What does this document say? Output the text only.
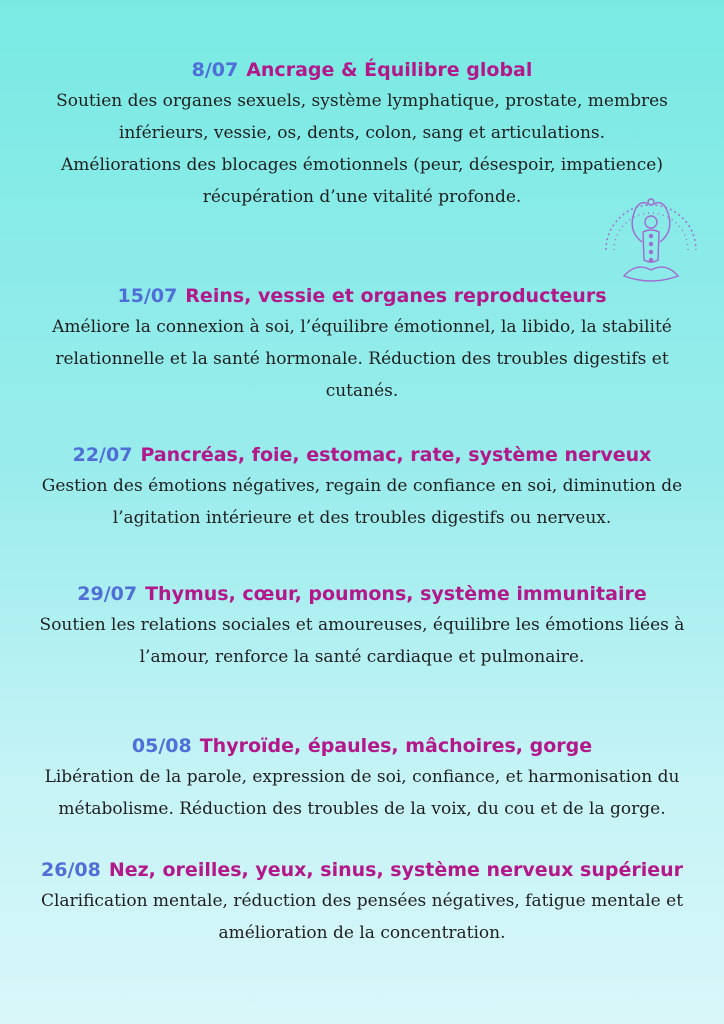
8/07 Ancrage & Équilibre global

Soutien des organes sexuels, système lymphatique, prostate, membres

inférieurs, vessie, os, dents, colon, sang et articulations.

Améliorations des blocages émotionnels (peur, désespoir, impatience)

récupération d’une vitalité profonde.

15/07 Reins, vessie et organes reproducteurs

Améliore la connexion à soi, l’équilibre émotionnel, la libido, la stabilité

relationnelle et la santé hormonale. Réduction des troubles digestifs et

cutanés.

22/07 Pancréas, foie, estomac, rate, système nerveux

Gestion des émotions négatives, regain de confiance en soi, diminution de

l’agitation intérieure et des troubles digestifs ou nerveux.

29/07 Thymus, cœur, poumons, système immunitaire

Soutien les relations sociales et amoureuses, équilibre les émotions liées à

l’amour, renforce la santé cardiaque et pulmonaire.

05/08 Thyroïde, épaules, mâchoires, gorge

Libération de la parole, expression de soi, confiance, et harmonisation du

métabolisme. Réduction des troubles de la voix, du cou et de la gorge.

26/08 Nez, oreilles, yeux, sinus, système nerveux supérieur

Clarification mentale, réduction des pensées négatives, fatigue mentale et

amélioration de la concentration.
